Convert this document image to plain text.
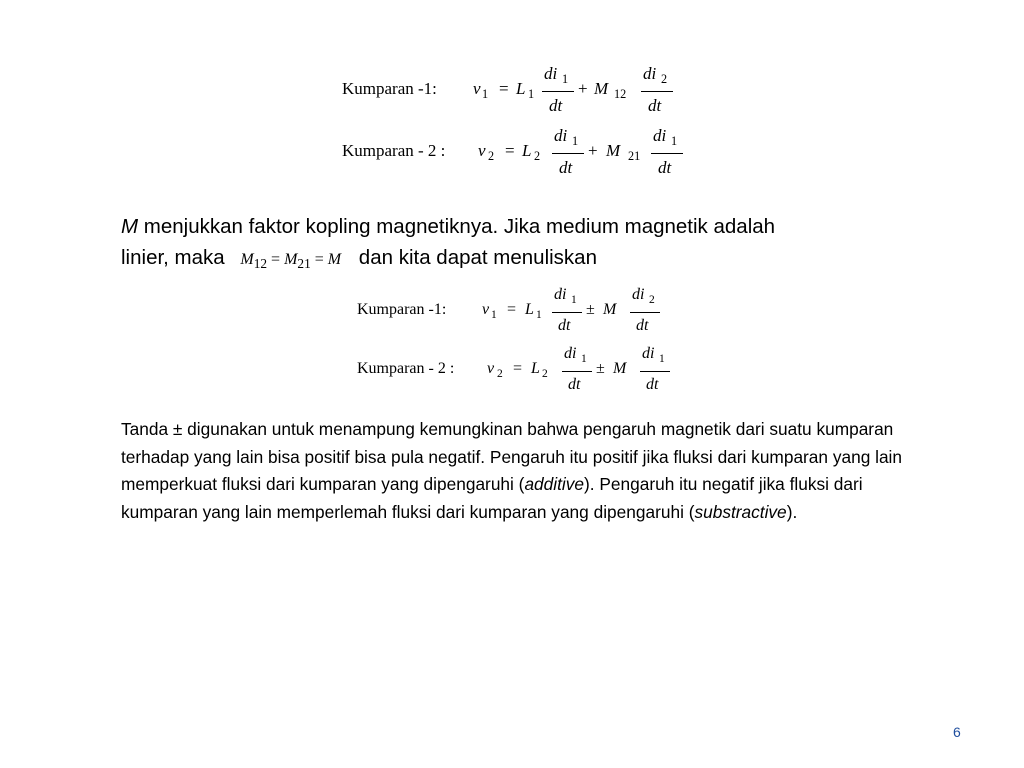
Kumparan -1: v 1 = L 1
di 1
dt
+ M 12
di 2
dt
Kumparan - 2 : v 2 = L 2
di 1
dt
+ M 21
di 1
dt
M menjukkan faktor kopling magnetiknya. Jika medium magnetik adalah
linier, maka $M_{12} = M_{21} = M$ dan kita dapat menuliskan
Kumparan -1: v 1 = L 1
di 1
dt
± M
di 2
dt
Kumparan - 2 : v 2 = L 2
di 1
dt
± M
di 1
dt
Tanda ± digunakan untuk menampung kemungkinan bahwa pengaruh magnetik dari suatu kumparan terhadap yang lain bisa positif bisa pula negatif. Pengaruh itu positif jika fluksi dari kumparan yang lain memperkuat fluksi dari kumparan yang dipengaruhi (additive). Pengaruh itu negatif jika fluksi dari kumparan yang lain memperlemah fluksi dari kumparan yang dipengaruhi (substractive).
6
